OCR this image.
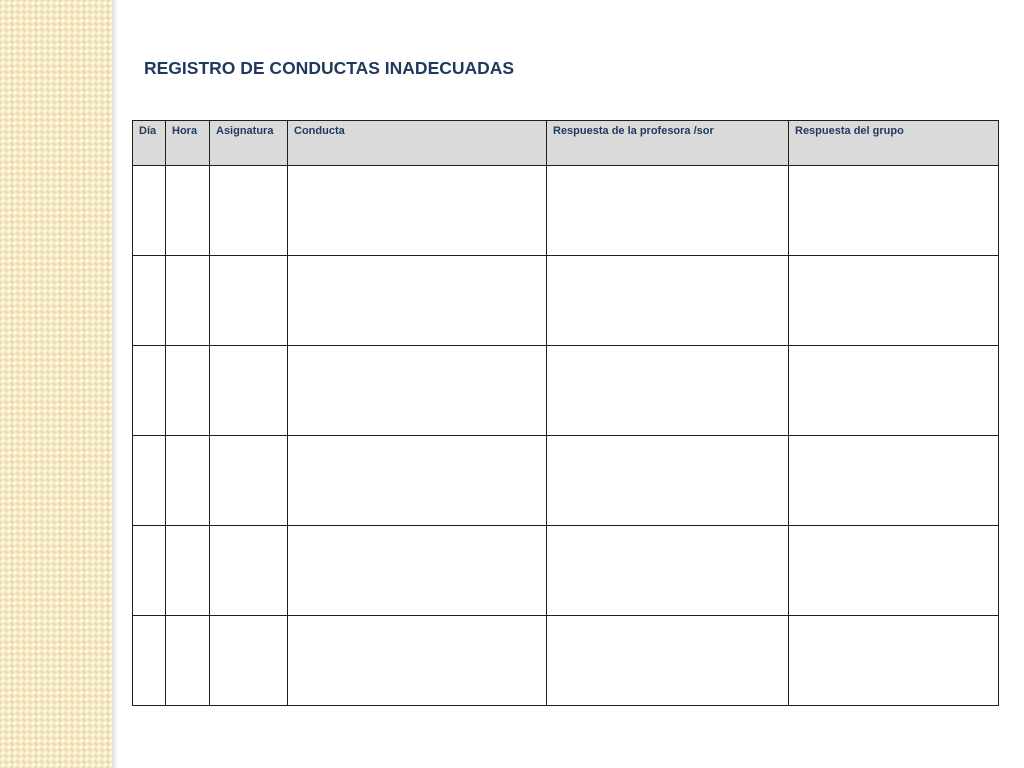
REGISTRO DE CONDUCTAS INADECUADAS
Día	Hora	Asignatura	Conducta	Respuesta de la profesora /sor	Respuesta del grupo
